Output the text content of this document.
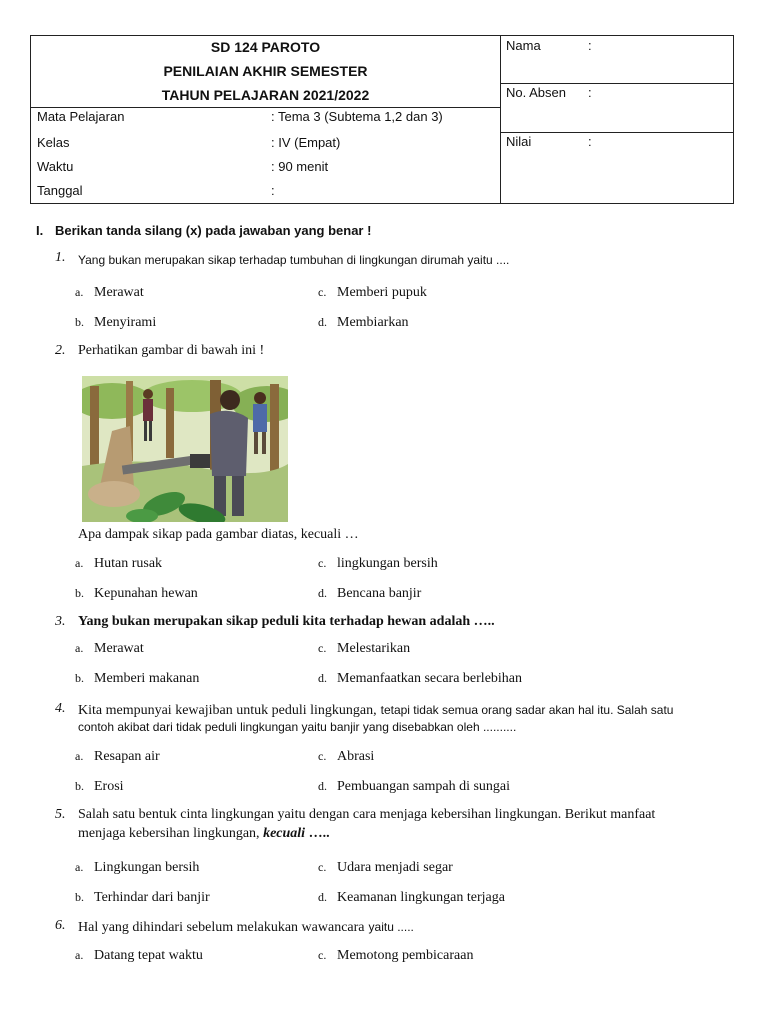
SD 124 PAROTO
PENILAIAN AKHIR SEMESTER
TAHUN PELAJARAN 2021/2022
Mata Pelajaran	: Tema 3 (Subtema 1,2 dan 3)
Kelas	: IV (Empat)
Waktu	: 90 menit
Tanggal	:
Nama	:
No. Absen :
Nilai	:
I. Berikan tanda silang (x) pada jawaban yang benar !
1. Yang bukan merupakan sikap terhadap tumbuhan di lingkungan dirumah yaitu ....
a. Merawat	c. Memberi pupuk
b. Menyirami	d. Membiarkan
2. Perhatikan gambar di bawah ini !
Apa dampak sikap pada gambar diatas, kecuali …
a. Hutan rusak	c. lingkungan bersih
b. Kepunahan hewan	d. Bencana banjir
3. Yang bukan merupakan sikap peduli kita terhadap hewan adalah …..
a. Merawat	c. Melestarikan
b. Memberi makanan	d. Memanfaatkan secara berlebihan
4. Kita mempunyai kewajiban untuk peduli lingkungan, tetapi tidak semua orang sadar akan hal itu. Salah satu
contoh akibat dari tidak peduli lingkungan yaitu banjir yang disebabkan oleh ..........
a. Resapan air	c. Abrasi
b. Erosi	d. Pembuangan sampah di sungai
5. Salah satu bentuk cinta lingkungan yaitu dengan cara menjaga kebersihan lingkungan. Berikut manfaat
menjaga kebersihan lingkungan, kecuali …..
a. Lingkungan bersih	c. Udara menjadi segar
b. Terhindar dari banjir	d. Keamanan lingkungan terjaga
6. Hal yang dihindari sebelum melakukan wawancara yaitu .....
a. Datang tepat waktu	c. Memotong pembicaraan
